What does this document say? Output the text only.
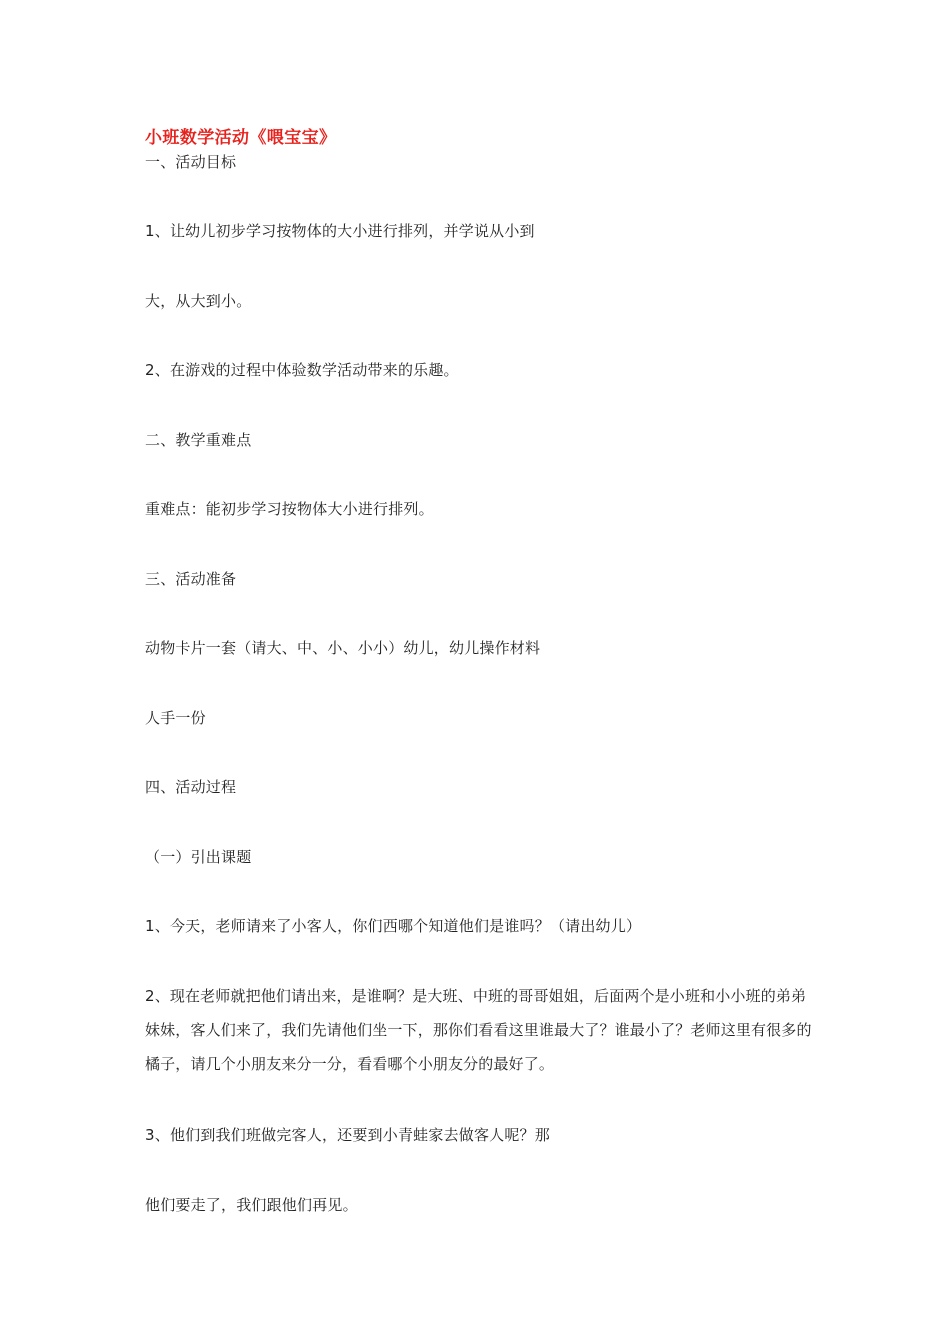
小班数学活动《喂宝宝》
一、活动目标
1、让幼儿初步学习按物体的大小进行排列，并学说从小到
大，从大到小。
2、在游戏的过程中体验数学活动带来的乐趣。
二、教学重难点
重难点：能初步学习按物体大小进行排列。
三、活动准备
动物卡片一套（请大、中、小、小小）幼儿，幼儿操作材料
人手一份
四、活动过程
（一）引出课题
1、今天，老师请来了小客人，你们西哪个知道他们是谁吗？（请出幼儿）
2、现在老师就把他们请出来，是谁啊？是大班、中班的哥哥姐姐，后面两个是小班和小小班的弟弟妹妹，客人们来了，我们先请他们坐一下，那你们看看这里谁最大了？谁最小了？老师这里有很多的橘子，请几个小朋友来分一分，看看哪个小朋友分的最好了。
3、他们到我们班做完客人，还要到小青蛙家去做客人呢？那
他们要走了，我们跟他们再见。
